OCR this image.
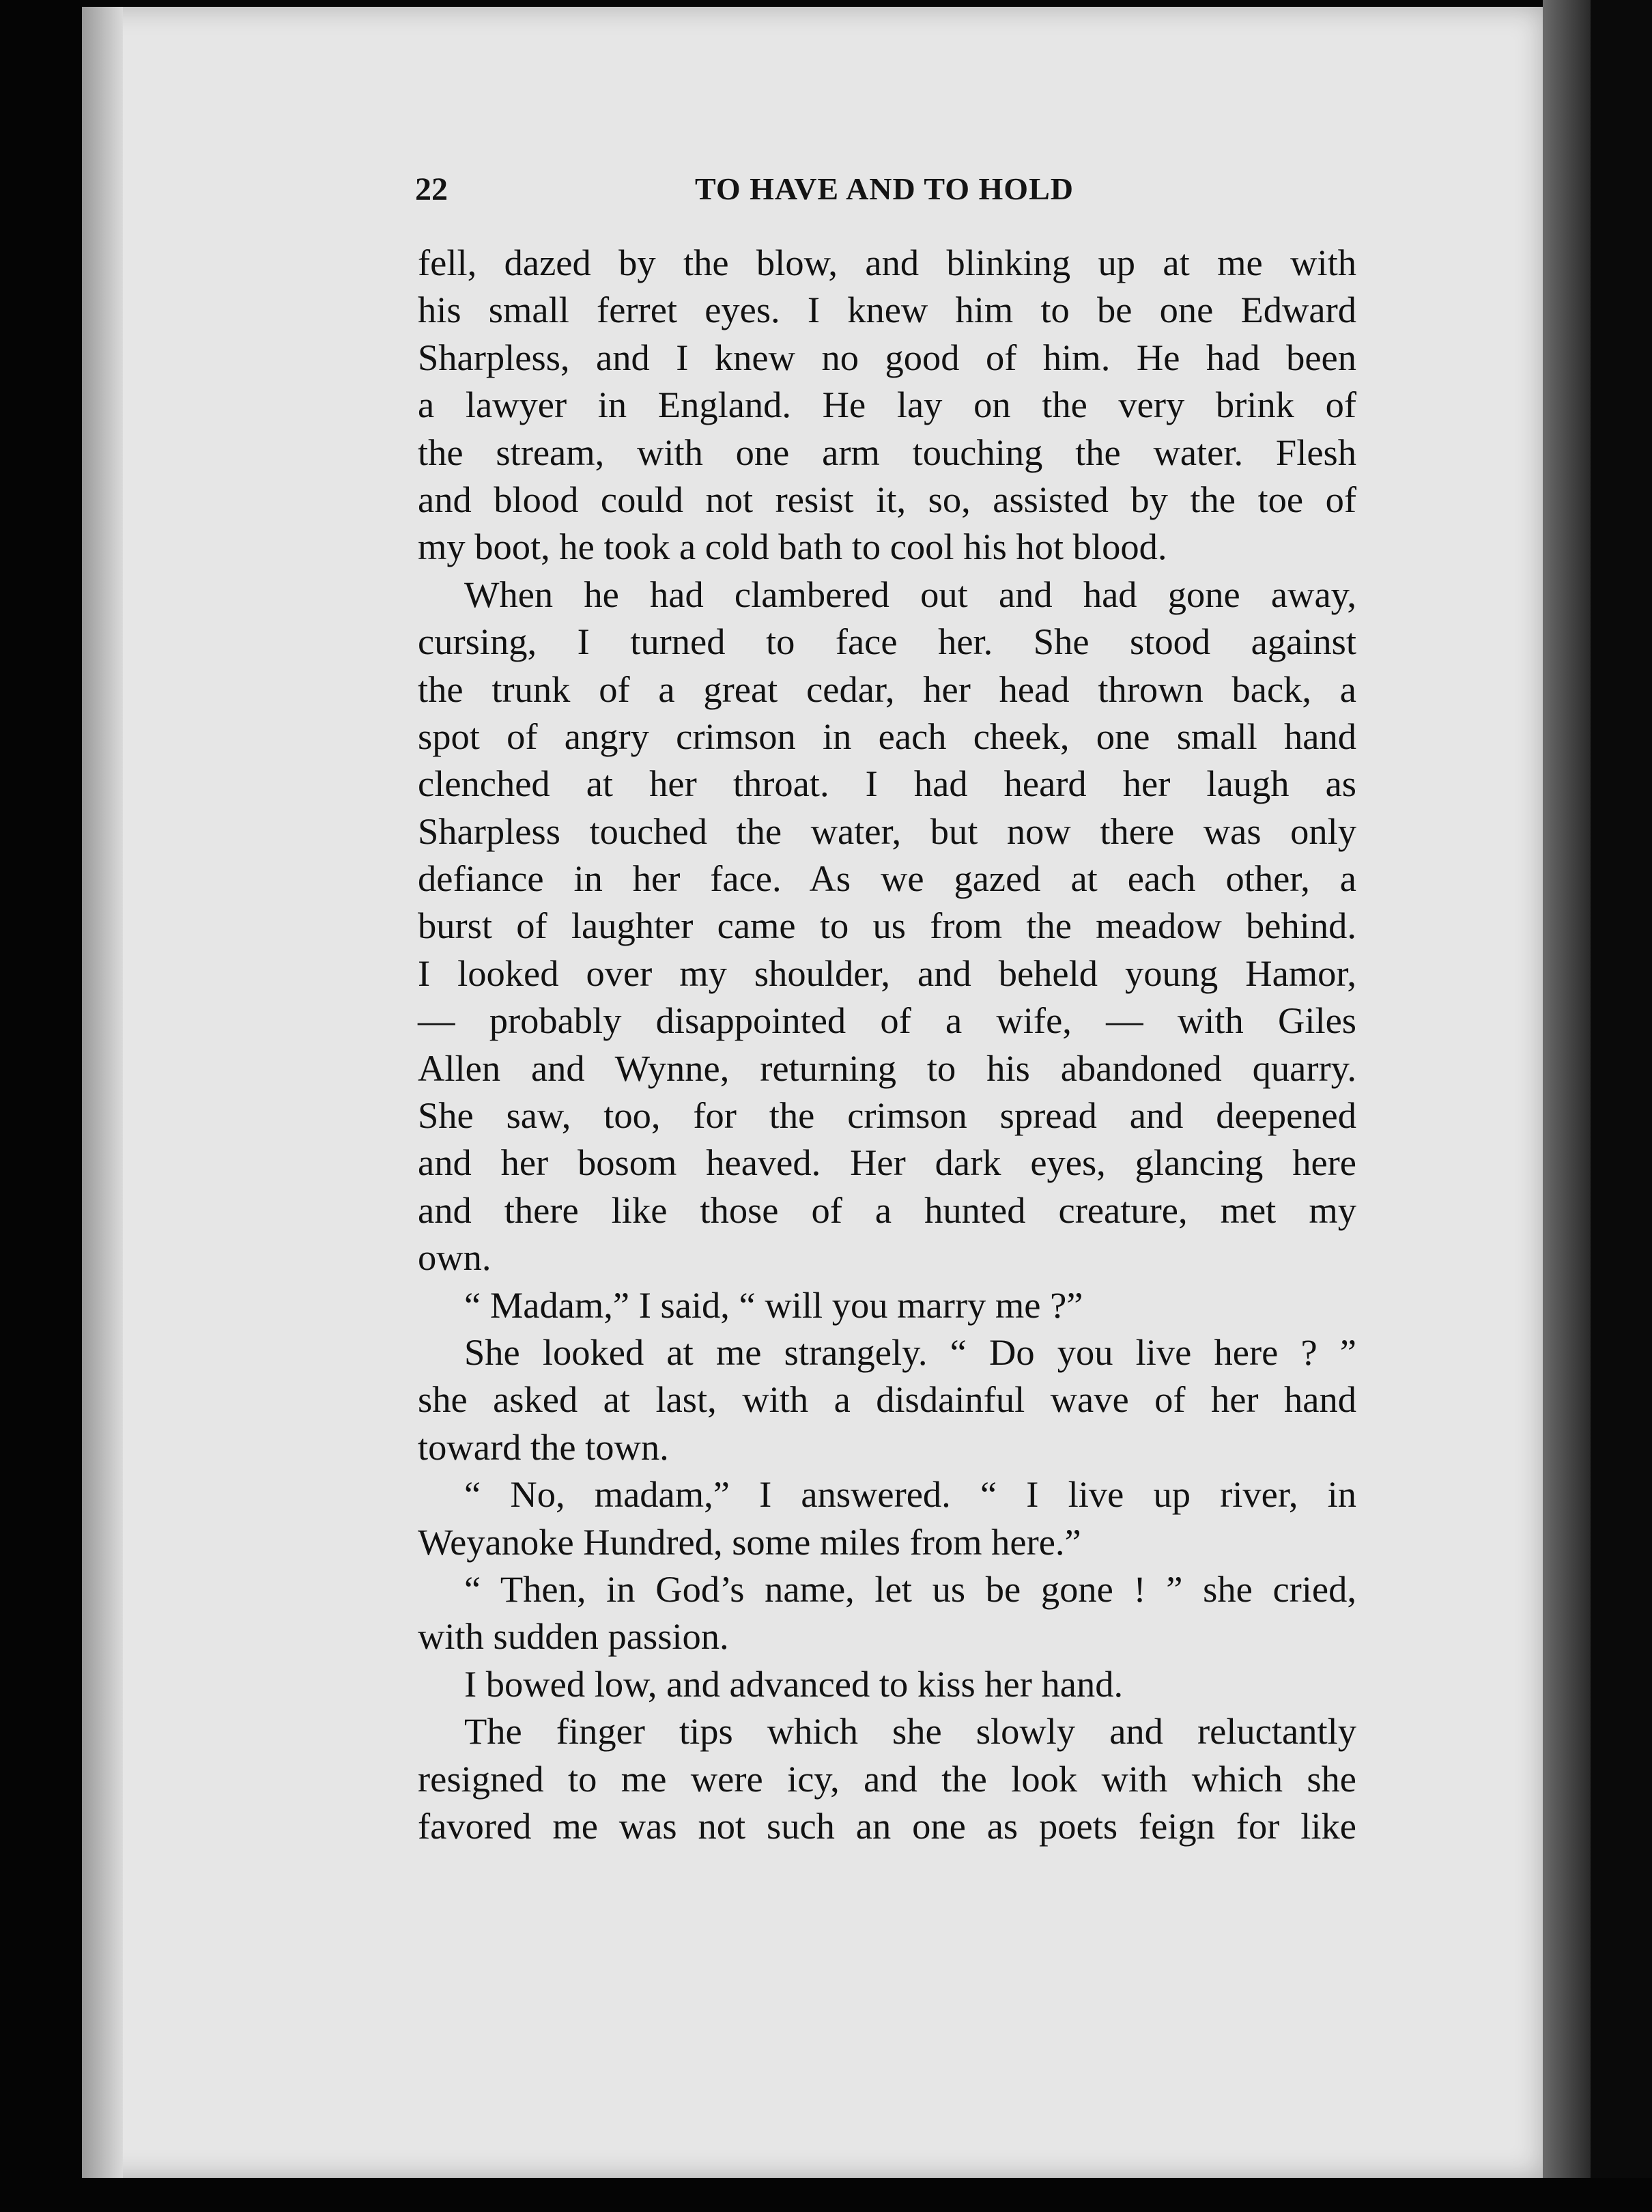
22	TO HAVE AND TO HOLD
fell, dazed by the blow, and blinking up at me with
his small ferret eyes. I knew him to be one Edward
Sharpless, and I knew no good of him. He had been
a lawyer in England. He lay on the very brink of
the stream, with one arm touching the water. Flesh
and blood could not resist it, so, assisted by the toe of
my boot, he took a cold bath to cool his hot blood.
When he had clambered out and had gone away,
cursing, I turned to face her. She stood against
the trunk of a great cedar, her head thrown back, a
spot of angry crimson in each cheek, one small hand
clenched at her throat. I had heard her laugh as
Sharpless touched the water, but now there was only
defiance in her face. As we gazed at each other, a
burst of laughter came to us from the meadow behind.
I looked over my shoulder, and beheld young Hamor,
— probably disappointed of a wife, — with Giles
Allen and Wynne, returning to his abandoned quarry.
She saw, too, for the crimson spread and deepened
and her bosom heaved. Her dark eyes, glancing here
and there like those of a hunted creature, met my
own.
“ Madam,” I said, “ will you marry me ?”
She looked at me strangely. “ Do you live here ? ”
she asked at last, with a disdainful wave of her hand
toward the town.
“ No, madam,” I answered. “ I live up river, in
Weyanoke Hundred, some miles from here.”
“ Then, in God’s name, let us be gone ! ” she cried,
with sudden passion.
I bowed low, and advanced to kiss her hand.
The finger tips which she slowly and reluctantly
resigned to me were icy, and the look with which she
favored me was not such an one as poets feign for like
